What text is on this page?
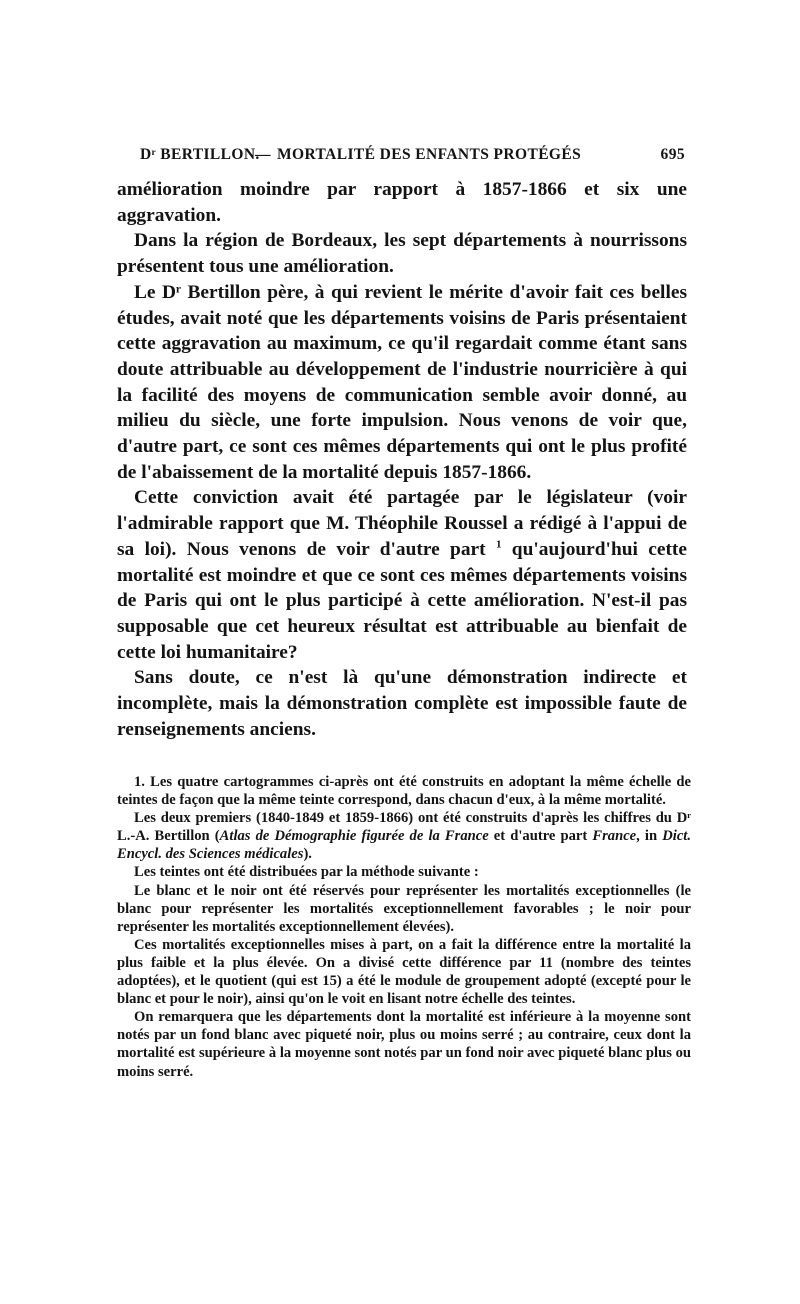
Dʳ BERTILLON.
— MORTALITÉ DES ENFANTS PROTÉGÉS	695

amélioration moindre par rapport à 1857-1866 et six une aggravation.

Dans la région de Bordeaux, les sept départements à nourrissons présentent tous une amélioration.

Le Dʳ Bertillon père, à qui revient le mérite d'avoir fait ces belles études, avait noté que les départements voisins de Paris présentaient cette aggravation au maximum, ce qu'il regardait comme étant sans doute attribuable au développement de l'industrie nourricière à qui la facilité des moyens de communication semble avoir donné, au milieu du siècle, une forte impulsion. Nous venons de voir que, d'autre part, ce sont ces mêmes départements qui ont le plus profité de l'abaissement de la mortalité depuis 1857-1866.

Cette conviction avait été partagée par le législateur (voir l'admirable rapport que M. Théophile Roussel a rédigé à l'appui de sa loi). Nous venons de voir d'autre part $^1$ qu'aujourd'hui cette mortalité est moindre et que ce sont ces mêmes départements voisins de Paris qui ont le plus participé à cette amélioration. N'est-il pas supposable que cet heureux résultat est attribuable au bienfait de cette loi humanitaire?

Sans doute, ce n'est là qu'une démonstration indirecte et incomplète, mais la démonstration complète est impossible faute de renseignements anciens.

1. Les quatre cartogrammes ci-après ont été construits en adoptant la même échelle de teintes de façon que la même teinte correspond, dans chacun d'eux, à la même mortalité.

Les deux premiers (1840-1849 et 1859-1866) ont été construits d'après les chiffres du Dʳ L.-A. Bertillon (Atlas de Démographie figurée de la France et d'autre part France, in Dict. Encycl. des Sciences médicales).

Les teintes ont été distribuées par la méthode suivante :

Le blanc et le noir ont été réservés pour représenter les mortalités exceptionnelles (le blanc pour représenter les mortalités exceptionnellement favorables ; le noir pour représenter les mortalités exceptionnellement élevées).

Ces mortalités exceptionnelles mises à part, on a fait la différence entre la mortalité la plus faible et la plus élevée. On a divisé cette différence par 11 (nombre des teintes adoptées), et le quotient (qui est 15) a été le module de groupement adopté (excepté pour le blanc et pour le noir), ainsi qu'on le voit en lisant notre échelle des teintes.

On remarquera que les départements dont la mortalité est inférieure à la moyenne sont notés par un fond blanc avec piqueté noir, plus ou moins serré ; au contraire, ceux dont la mortalité est supérieure à la moyenne sont notés par un fond noir avec piqueté blanc plus ou moins serré.
